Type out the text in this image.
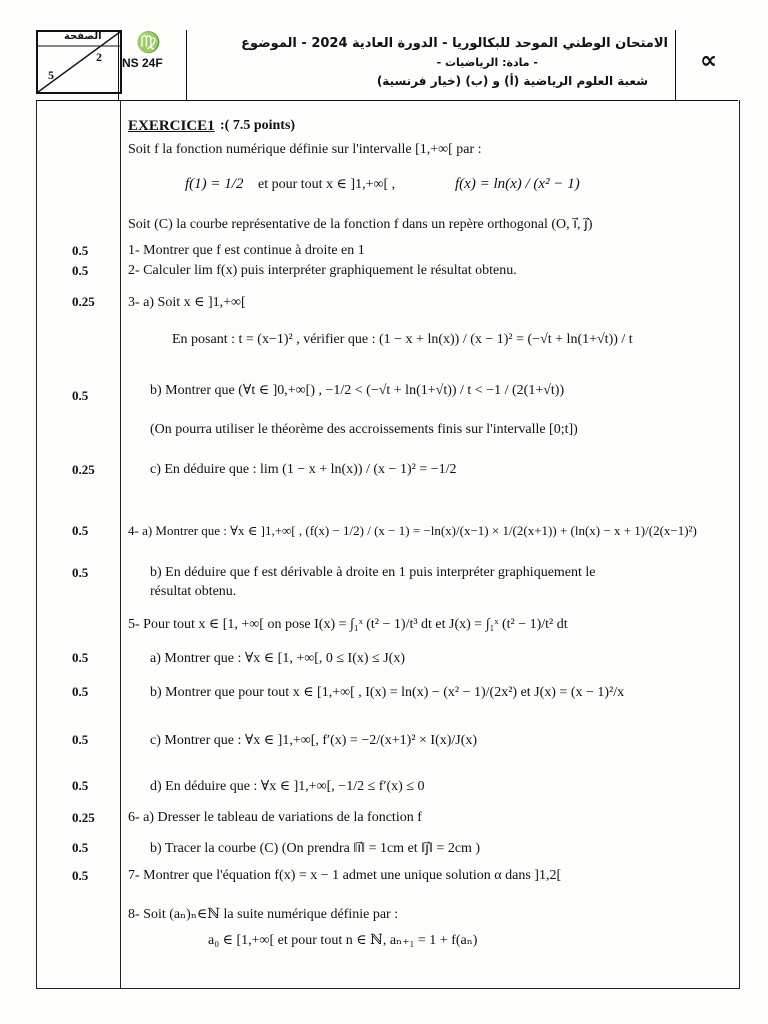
الصفحة
2
5
♍
NS 24F
الامتحان الوطني الموحد للبكالوريا - الدورة العادية 2024 - الموضوع
- مادة: الرياضيات -
شعبة العلوم الرياضية (أ) و (ب) (خيار فرنسية)
∝
EXERCICE1 :( 7.5 points)
Soit f la fonction numérique définie sur l'intervalle [1,+∞[ par :
f(1) = 1/2 et pour tout x ∈ ]1,+∞[ ,	f(x) = ln(x) / (x² − 1)
Soit (C) la courbe représentative de la fonction f dans un repère orthogonal (O, i⃗, j⃗)
0.5	1- Montrer que f est continue à droite en 1
0.5	2- Calculer lim f(x) puis interpréter graphiquement le résultat obtenu.
0.25 3- a) Soit x ∈ ]1,+∞[
En posant : t = (x−1)² , vérifier que : (1 − x + ln(x)) / (x − 1)² = (−√t + ln(1+√t)) / t
0.5	b) Montrer que (∀t ∈ ]0,+∞[) , −1/2 < (−√t + ln(1+√t)) / t < −1 / (2(1+√t))
(On pourra utiliser le théorème des accroissements finis sur l'intervalle [0;t])
0.25	c) En déduire que : lim (1 − x + ln(x)) / (x − 1)² = −1/2
0.5	4- a) Montrer que : ∀x ∈ ]1,+∞[ , (f(x) − 1/2) / (x − 1) = −ln(x)/(x−1) × 1/(2(x+1)) + (ln(x) − x + 1)/(2(x−1)²)
0.5	b) En déduire que f est dérivable à droite en 1 puis interpréter graphiquement le
résultat obtenu.
5- Pour tout x ∈ [1, +∞[ on pose I(x) = ∫₁ˣ (t² − 1)/t³ dt et J(x) = ∫₁ˣ (t² − 1)/t² dt
0.5	a) Montrer que : ∀x ∈ [1, +∞[, 0 ≤ I(x) ≤ J(x)
0.5	b) Montrer que pour tout x ∈ [1,+∞[ , I(x) = ln(x) − (x² − 1)/(2x²) et J(x) = (x − 1)²/x
0.5	c) Montrer que : ∀x ∈ ]1,+∞[, f′(x) = −2/(x+1)² × I(x)/J(x)
0.5	d) En déduire que : ∀x ∈ ]1,+∞[, −1/2 ≤ f′(x) ≤ 0
0.25 6- a) Dresser le tableau de variations de la fonction f
0.5	b) Tracer la courbe (C) (On prendra ‖i⃗‖ = 1cm et ‖j⃗‖ = 2cm )
0.5	7- Montrer que l'équation f(x) = x − 1 admet une unique solution α dans ]1,2[
8- Soit (aₙ)ₙ∈ℕ la suite numérique définie par :
a₀ ∈ [1,+∞[ et pour tout n ∈ ℕ, aₙ₊₁ = 1 + f(aₙ)
